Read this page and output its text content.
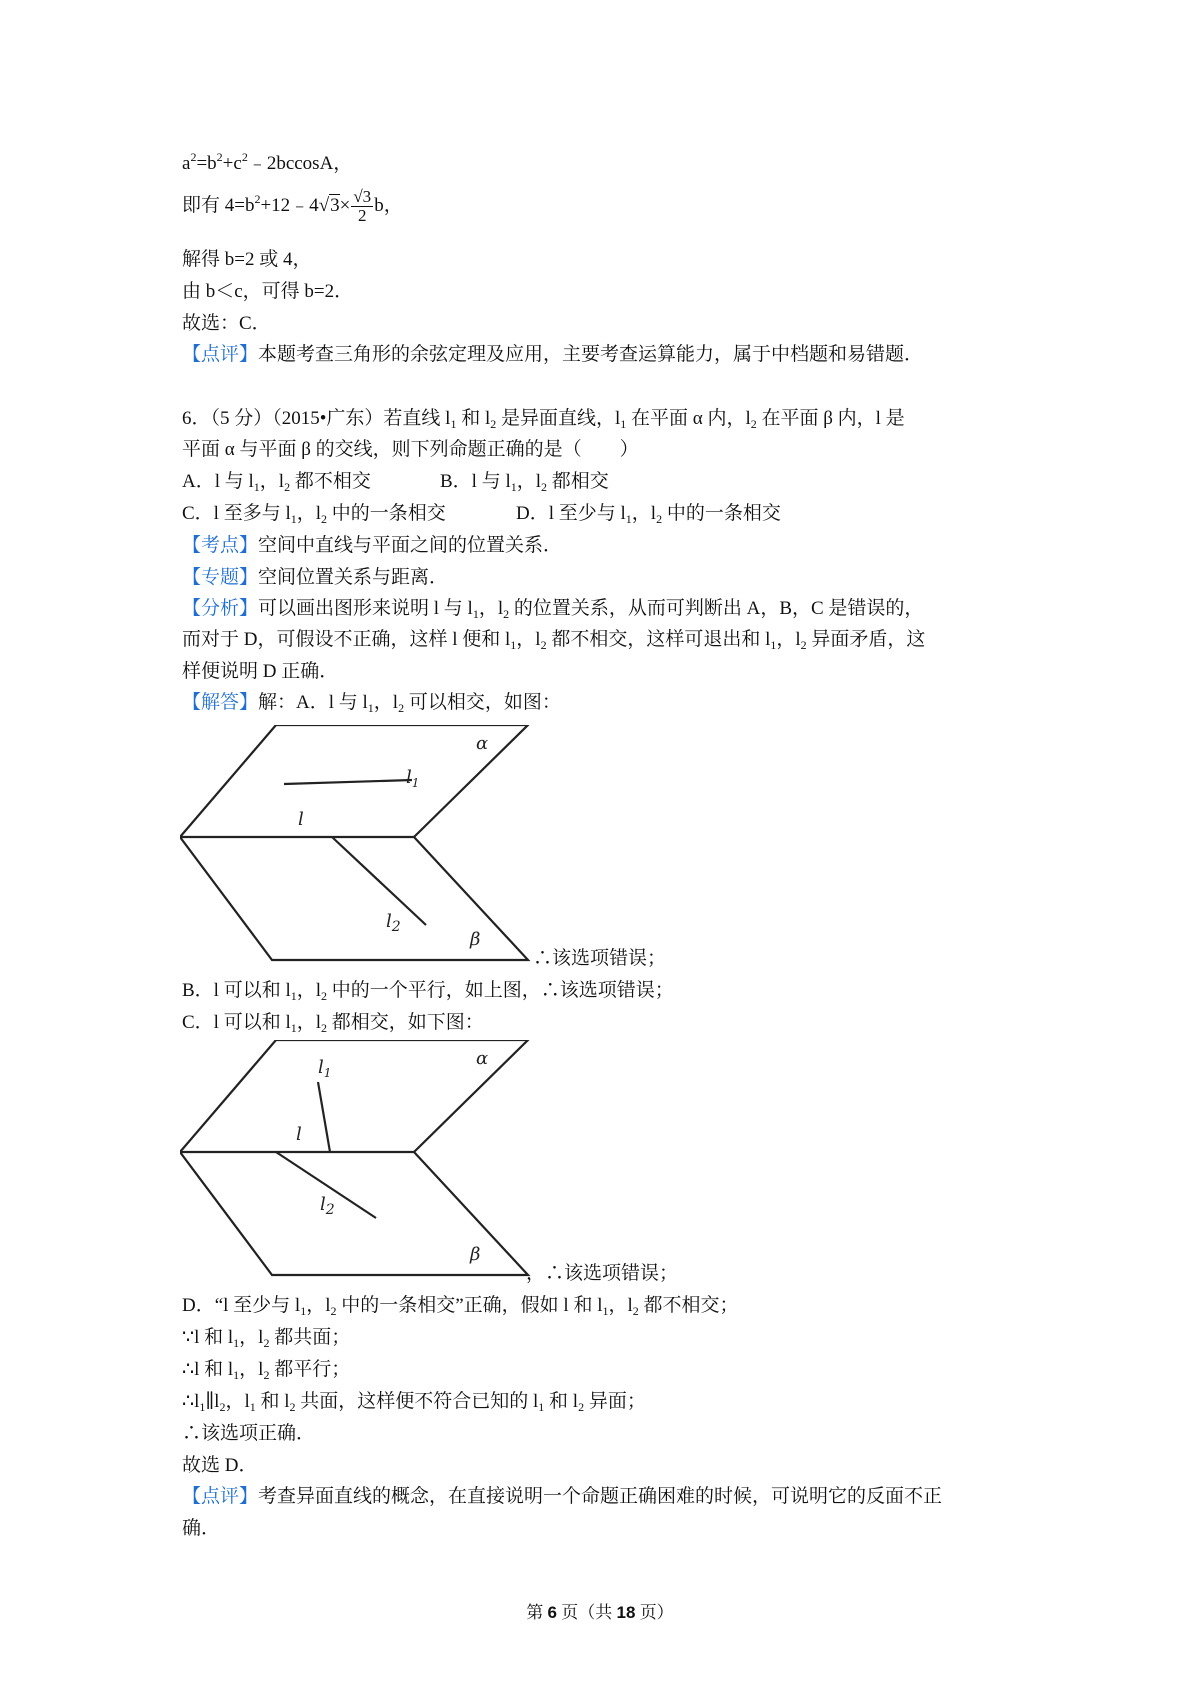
$a^2=b^2+c^2﹣2bccosA$，
即有 $4=b^2+12﹣4√3\times \frac{√3}{2}$ b，
解得 b=2 或 4，
由 b＜c，可得 b=2．
故选：C．
【点评】本题考查三角形的余弦定理及应用，主要考查运算能力，属于中档题和易错题．
6．（5 分）（2015•广东）若直线 $l_1$ 和 $l_2$ 是异面直线，$l_1$ 在平面 α 内，$l_2$ 在平面 β 内，l 是
平面 α 与平面 β 的交线，则下列命题正确的是（　　）
A．l 与 $l_1$，$l_2$ 都不相交	B．l 与 $l_1$，$l_2$ 都相交
C．l 至多与 $l_1$，$l_2$ 中的一条相交	D．l 至少与 $l_1$，$l_2$ 中的一条相交
【考点】空间中直线与平面之间的位置关系．
【专题】空间位置关系与距离．
【分析】可以画出图形来说明 l 与 $l_1$，$l_2$ 的位置关系，从而可判断出 A，B，C 是错误的，
而对于 D，可假设不正确，这样 l 便和 $l_1$，$l_2$ 都不相交，这样可退出和 $l_1$，$l_2$ 异面矛盾，这
样便说明 D 正确．
【解答】解：A．l 与 $l_1$，$l_2$ 可以相交，如图：
α
$l_1$
l
$l_2$
β
∴该选项错误；
B．l 可以和 $l_1$，$l_2$ 中的一个平行，如上图，∴该选项错误；
C．l 可以和 $l_1$，$l_2$ 都相交，如下图：
α
$l_1$
l
$l_2$
β
，∴该选项错误；
D．“l 至少与 $l_1$，$l_2$ 中的一条相交”正确，假如 l 和 $l_1$，$l_2$ 都不相交；
∵l 和 $l_1$，$l_2$ 都共面；
∴l 和 $l_1$，$l_2$ 都平行；
$\therefore l_1\parallel l_2$，$l_1$ 和 $l_2$ 共面，这样便不符合已知的 $l_1$ 和 $l_2$ 异面；
∴该选项正确．
故选 D．
【点评】考查异面直线的概念，在直接说明一个命题正确困难的时候，可说明它的反面不正
确．
第 6 页（共 18 页）
